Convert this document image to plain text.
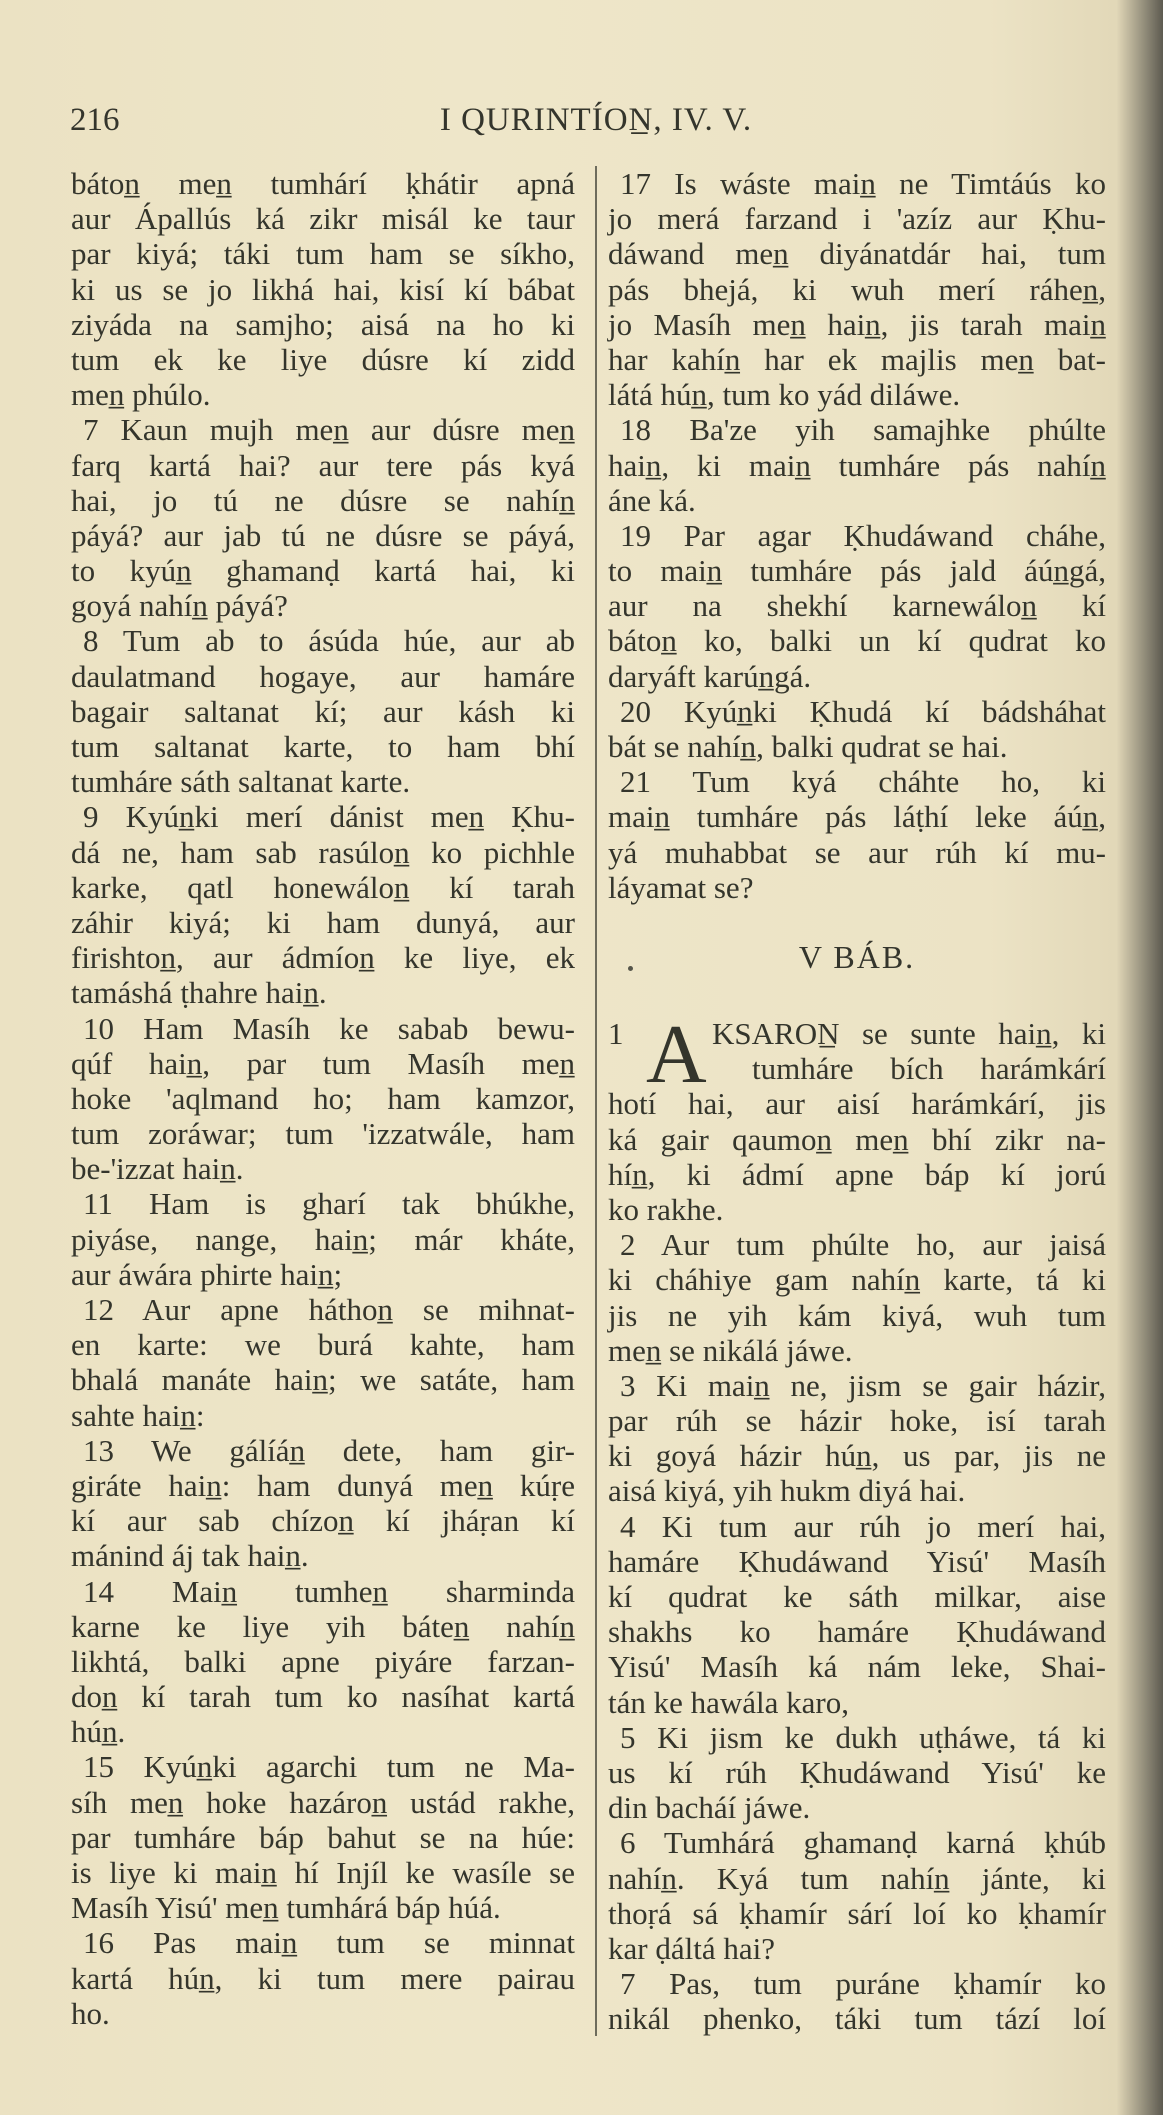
216	I QURINTÍON̲, IV. V.
báton̲ men̲ tumhárí ḳhátir apná
aur Ápallús ká zikr misál ke taur
par kiyá; táki tum ham se síkho,
ki us se jo likhá hai, kisí kí bábat
ziyáda na samjho; aisá na ho ki
tum ek ke liye dúsre kí zidd
men̲ phúlo.
7 Kaun mujh men̲ aur dúsre men̲
farq kartá hai? aur tere pás kyá
hai, jo tú ne dúsre se nahín̲
páyá? aur jab tú ne dúsre se páyá,
to kyún̲ ghamanḍ kartá hai, ki
goyá nahín̲ páyá?
8 Tum ab to ásúda húe, aur ab
daulatmand hogaye, aur hamáre
bagair saltanat kí; aur kásh ki
tum saltanat karte, to ham bhí
tumháre sáth saltanat karte.
9 Kyún̲ki merí dánist men̲ Ḳhu-
dá ne, ham sab rasúlon̲ ko pichhle
karke, qatl honewálon̲ kí tarah
záhir kiyá; ki ham dunyá, aur
firishton̲, aur ádmíon̲ ke liye, ek
tamáshá ṭhahre hain̲.
10 Ham Masíh ke sabab bewu-
qúf hain̲, par tum Masíh men̲
hoke 'aqlmand ho; ham kamzor,
tum zoráwar; tum 'izzatwále, ham
be-'izzat hain̲.
11 Ham is gharí tak bhúkhe,
piyáse, nange, hain̲; már kháte,
aur áwára phirte hain̲;
12 Aur apne háthon̲ se mihnat-
en karte: we burá kahte, ham
bhalá manáte hain̲; we satáte, ham
sahte hain̲:
13 We gálíán̲ dete, ham gir-
giráte hain̲: ham dunyá men̲ kúṛe
kí aur sab chízon̲ kí jháṛan kí
mánind áj tak hain̲.
14 Main̲ tumhen̲ sharminda
karne ke liye yih báten̲ nahín̲
likhtá, balki apne piyáre farzan-
don̲ kí tarah tum ko nasíhat kartá
hún̲.
15 Kyún̲ki agarchi tum ne Ma-
síh men̲ hoke hazáron̲ ustád rakhe,
par tumháre báp bahut se na húe:
is liye ki main̲ hí Injíl ke wasíle se
Masíh Yisú' men̲ tumhárá báp húá.
16 Pas main̲ tum se minnat
kartá hún̲, ki tum mere pairau
ho.
17 Is wáste main̲ ne Timtáús ko
jo merá farzand i 'azíz aur Ḳhu-
dáwand men̲ diyánatdár hai, tum
pás bhejá, ki wuh merí ráhen̲,
jo Masíh men̲ hain̲, jis tarah main̲
har kahín̲ har ek majlis men̲ bat-
látá hún̲, tum ko yád diláwe.
18 Ba'ze yih samajhke phúlte
hain̲, ki main̲ tumháre pás nahín̲
áne ká.
19 Par agar Ḳhudáwand cháhe,
to main̲ tumháre pás jald áún̲gá,
aur na shekhí karnewálon̲ kí
báton̲ ko, balki un kí qudrat ko
daryáft karún̲gá.
20 Kyún̲ki Ḳhudá kí bádsháhat
bát se nahín̲, balki qudrat se hai.
21 Tum kyá cháhte ho, ki
main̲ tumháre pás láṭhí leke áún̲,
yá muhabbat se aur rúh kí mu-
láyamat se?
V BÁB.
1 A KSARON̲ se sunte hain̲, ki
tumháre bích harámkárí
hotí hai, aur aisí harámkárí, jis
ká gair qaumon̲ men̲ bhí zikr na-
hín̲, ki ádmí apne báp kí jorú
ko rakhe.
2 Aur tum phúlte ho, aur jaisá
ki cháhiye gam nahín̲ karte, tá ki
jis ne yih kám kiyá, wuh tum
men̲ se nikálá jáwe.
3 Ki main̲ ne, jism se gair házir,
par rúh se házir hoke, isí tarah
ki goyá házir hún̲, us par, jis ne
aisá kiyá, yih hukm diyá hai.
4 Ki tum aur rúh jo merí hai,
hamáre Ḳhudáwand Yisú' Masíh
kí qudrat ke sáth milkar, aise
shakhs ko hamáre Ḳhudáwand
Yisú' Masíh ká nám leke, Shai-
tán ke hawála karo,
5 Ki jism ke dukh uṭháwe, tá ki
us kí rúh Ḳhudáwand Yisú' ke
din bacháí jáwe.
6 Tumhárá ghamanḍ karná ḳhúb
nahín̲. Kyá tum nahín̲ jánte, ki
thoṛá sá ḳhamír sárí loí ko ḳhamír
kar ḍáltá hai?
7 Pas, tum puráne ḳhamír ko
nikál phenko, táki tum tází loí
